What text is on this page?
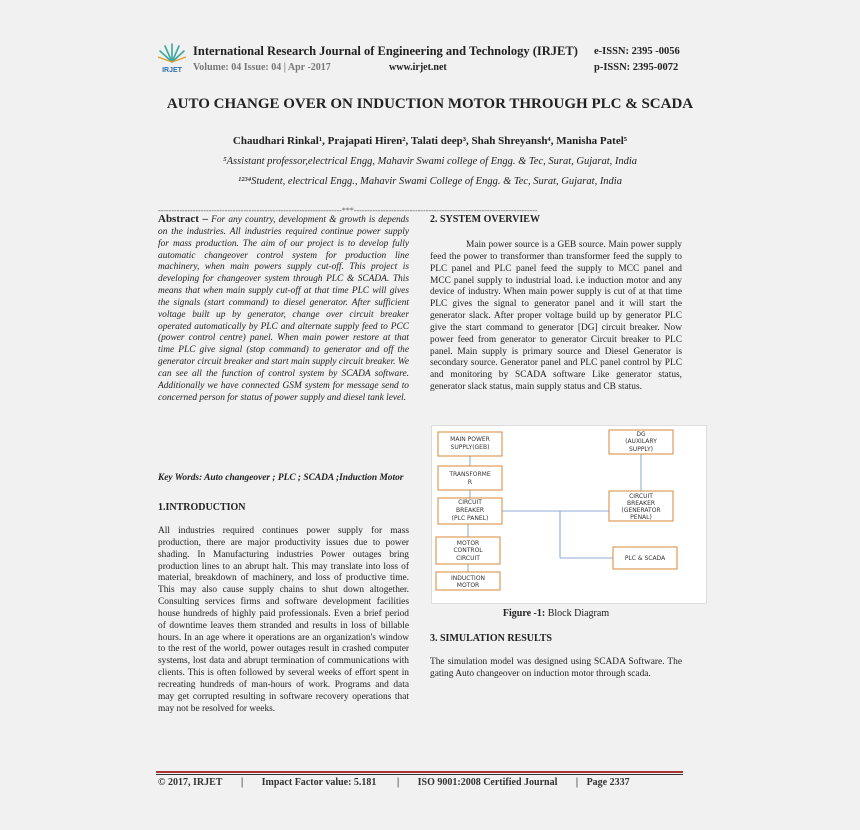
IRJET
International Research Journal of Engineering and Technology (IRJET)
Volume: 04 Issue: 04 | Apr -2017	www.irjet.net
e-ISSN: 2395 -0056
p-ISSN: 2395-0072
AUTO CHANGE OVER ON INDUCTION MOTOR THROUGH PLC & SCADA
Chaudhari Rinkal¹, Prajapati Hiren², Talati deep³, Shah Shreyansh⁴, Manisha Patel⁵
⁵Assistant professor,electrical Engg, Mahavir Swami college of Engg. & Tec, Surat, Gujarat, India
¹²³⁴Student, electrical Engg., Mahavir Swami College of Engg. & Tec, Surat, Gujarat, India
---------------------------------------------------------------------***---------------------------------------------------------------------
Abstract – For any country, development & growth is depends on the industries. All industries required continue power supply for mass production. The aim of our project is to develop fully automatic changeover control system for production line machinery, when main powers supply cut-off. This project is developing for changeover system through PLC & SCADA. This means that when main supply cut-off at that time PLC will gives the signals (start command) to diesel generator. After sufficient voltage built up by generator, change over circuit breaker operated automatically by PLC and alternate supply feed to PCC (power control centre) panel. When main power restore at that time PLC give signal (stop command) to generator and off the generator circuit breaker and start main supply circuit breaker. We can see all the function of control system by SCADA software. Additionally we have connected GSM system for message send to concerned person for status of power supply and diesel tank level.
Key Words: Auto changeover ; PLC ; SCADA ;Induction Motor
1.INTRODUCTION
All industries required continues power supply for mass production, there are major productivity issues due to power shading. In Manufacturing industries Power outages bring production lines to an abrupt halt. This may translate into loss of material, breakdown of machinery, and loss of productive time. This may also cause supply chains to shut down altogether. Consulting services firms and software development facilities house hundreds of highly paid professionals. Even a brief period of downtime leaves them stranded and results in loss of billable hours. In an age where it operations are an organization's window to the rest of the world, power outages result in crashed computer systems, lost data and abrupt termination of communications with clients. This is often followed by several weeks of effort spent in recreating hundreds of man-hours of work. Programs and data may get corrupted resulting in software recovery operations that may not be resolved for weeks.
2. SYSTEM OVERVIEW
Main power source is a GEB source. Main power supply feed the power to transformer than transformer feed the supply to PLC panel and PLC panel feed the supply to MCC panel and MCC panel supply to industrial load. i.e induction motor and any device of industry. When main power supply is cut of at that time PLC gives the signal to generator panel and it will start the generator slack. After proper voltage build up by generator PLC give the start command to generator [DG] circuit breaker. Now power feed from generator to generator Circuit breaker to PLC panel. Main supply is primary source and Diesel Generator is secondary source. Generator panel and PLC panel control by PLC and monitoring by SCADA software Like generator status, generator slack status, main supply status and CB status.
MAIN POWER
SUPPLY(GEB)
TRANSFORME
R
CIRCUIT
BREAKER
(PLC PANEL)
MOTOR
CONTROL
CIRCUIT
INDUCTION
MOTOR
DG
(AUXILARY
SUPPLY)
CIRCUIT
BREAKER
(GENERATOR
PENAL)
PLC & SCADA
Figure -1: Block Diagram
3. SIMULATION RESULTS
The simulation model was designed using SCADA Software. The gating Auto changeover on induction motor through scada.
© 2017, IRJET | Impact Factor value: 5.181 | ISO 9001:2008 Certified Journal | Page 2337
